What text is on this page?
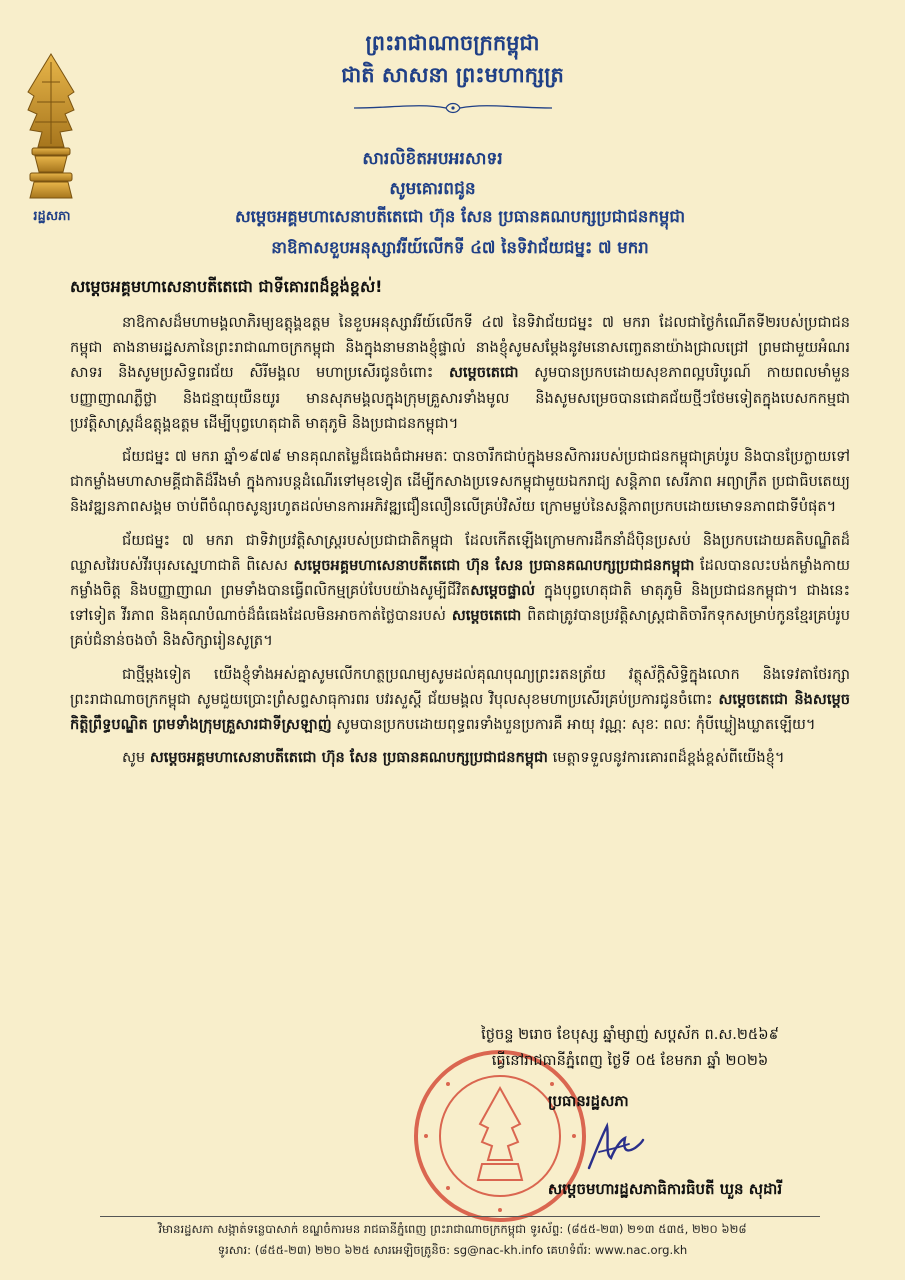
ព្រះរាជាណាចក្រកម្ពុជា
ជាតិ សាសនា ព្រះមហាក្សត្រ
រដ្ឋសភា
សារលិខិតអបអរសាទរ
សូមគោរពជូន
សម្តេចអគ្គមហាសេនាបតីតេជោ ហ៊ុន សែន ប្រធានគណបក្សប្រជាជនកម្ពុជា
នាឱកាសខួបអនុស្សាវរីយ៍លើកទី ៤៧ នៃទិវាជ័យជម្នះ ៧ មករា
សម្តេចអគ្គមហាសេនាបតីតេជោ ជាទីគោរពដ៏ខ្ពង់ខ្ពស់!

នាឱកាសដ៏មហាមង្គលាភិរម្យឧត្តុង្គឧត្តម នៃខួបអនុស្សាវរីយ៍លើកទី ៤៧ នៃទិវាជ័យជម្នះ ៧ មករា ដែលជាថ្ងៃកំណើតទី២របស់ប្រជាជនកម្ពុជា តាងនាមរដ្ឋសភានៃព្រះរាជាណាចក្រកម្ពុជា និងក្នុងនាមនាងខ្ញុំផ្ទាល់ នាងខ្ញុំសូមសម្តែងនូវមនោសញ្ចេតនាយ៉ាងជ្រាលជ្រៅ ព្រមជាមួយអំណរសាទរ និងសូមប្រសិទ្ធពរជ័យ សិរីមង្គល មហាប្រសើរជូនចំពោះ សម្តេចតេជោ សូមបានប្រកបដោយសុខភាពល្អបរិបូរណ៍ កាយពលមាំមួន បញ្ញាញាណភ្លឺថ្លា និងជន្មាយុយឺនយូរ មានសុភមង្គលក្នុងក្រុមគ្រួសារទាំងមូល និងសូមសម្រេចបានជោគជ័យថ្មីៗថែមទៀតក្នុងបេសកកម្មជាប្រវត្តិសាស្ត្រដ៏ឧត្តុង្គឧត្តម ដើម្បីបុព្វហេតុជាតិ មាតុភូមិ និងប្រជាជនកម្ពុជា។

ជ័យជម្នះ ៧ មករា ឆ្នាំ១៩៧៩ មានគុណតម្លៃដ៏ធេងធំជាអមតៈ បានចារឹកជាប់ក្នុងមនសិការរបស់ប្រជាជនកម្ពុជាគ្រប់រូប និងបានប្រែក្លាយទៅជាកម្លាំងមហាសាមគ្គីជាតិដ៏រឹងមាំ ក្នុងការបន្តដំណើរទៅមុខទៀត ដើម្បីកសាងប្រទេសកម្ពុជាមួយឯករាជ្យ សន្តិភាព សេរីភាព អព្យាក្រឹត ប្រជាធិបតេយ្យ និងវឌ្ឍនភាពសង្គម ចាប់ពីចំណុចសូន្យរហូតដល់មានការអភិវឌ្ឍជឿនលឿនលើគ្រប់វិស័យ ក្រោមម្លប់នៃសន្តិភាពប្រកបដោយមោទនភាពជាទីបំផុត។

ជ័យជម្នះ ៧ មករា ជាទិវាប្រវត្តិសាស្ត្ររបស់ប្រជាជាតិកម្ពុជា ដែលកើតឡើងក្រោមការដឹកនាំដ៏ប៉ិនប្រសប់ និងប្រកបដោយគតិបណ្ឌិតដ៏ឈ្លាសវៃរបស់វីរបុរសស្នេហាជាតិ ពិសេស សម្តេចអគ្គមហាសេនាបតីតេជោ ហ៊ុន សែន ប្រធានគណបក្សប្រជាជនកម្ពុជា ដែលបានលះបង់កម្លាំងកាយ កម្លាំងចិត្ត និងបញ្ញាញាណ ព្រមទាំងបានធ្វើពលិកម្មគ្រប់បែបយ៉ាងសូម្បីជីវិតសម្តេចផ្ទាល់ ក្នុងបុព្វហេតុជាតិ មាតុភូមិ និងប្រជាជនកម្ពុជា។ ជាងនេះទៅទៀត វីរភាព និងគុណបំណាច់ដ៏ធំធេងដែលមិនអាចកាត់ថ្លៃបានរបស់ សម្តេចតេជោ ពិតជាត្រូវបានប្រវត្តិសាស្ត្រជាតិចារឹកទុកសម្រាប់កូនខ្មែរគ្រប់រូប គ្រប់ជំនាន់ចងចាំ និងសិក្សារៀនសូត្រ។

ជាថ្មីម្តងទៀត យើងខ្ញុំទាំងអស់គ្នាសូមលើកហត្ថប្រណម្យសូមដល់គុណបុណ្យព្រះរតនត្រ័យ វត្ថុស័ក្តិសិទ្ធិក្នុងលោក និងទេវតាថែរក្សាព្រះរាជាណាចក្រកម្ពុជា សូមជួយប្រោះព្រំសព្ទសាធុការពរ បវរសួស្តី ជ័យមង្គល វិបុលសុខមហាប្រសើរគ្រប់ប្រការជូនចំពោះ សម្តេចតេជោ និងសម្តេចកិត្តិព្រឹទ្ធបណ្ឌិត ព្រមទាំងក្រុមគ្រួសារជាទីស្រឡាញ់ សូមបានប្រកបដោយពុទ្ធពរទាំងបួនប្រការគឺ អាយុ វណ្ណៈ សុខៈ ពលៈ កុំបីឃ្លៀងឃ្លាតឡើយ។

សូម សម្តេចអគ្គមហាសេនាបតីតេជោ ហ៊ុន សែន ប្រធានគណបក្សប្រជាជនកម្ពុជា មេត្តាទទួលនូវការគោរពដ៏ខ្ពង់ខ្ពស់ពីយើងខ្ញុំ។

ថ្ងៃចន្ទ ២រោច ខែបុស្ស ឆ្នាំម្សាញ់ សប្តស័ក ព.ស.២៥៦៩
ធ្វើនៅរាជធានីភ្នំពេញ ថ្ងៃទី ០៥ ខែមករា ឆ្នាំ ២០២៦
ប្រធានរដ្ឋសភា
សម្តេចមហារដ្ឋសភាធិការធិបតី ឃួន សុដារី
វិមានរដ្ឋសភា សង្កាត់ទន្លេបាសាក់ ខណ្ឌចំការមន រាជធានីភ្នំពេញ ព្រះរាជាណាចក្រកម្ពុជា ទូរស័ព្ទ: (៨៥៥-២៣) ២១៣ ៥៣៥, ២២០ ៦២៨
ទូរសារ: (៨៥៥-២៣) ២២០ ៦២៥ សារអេឡិចត្រូនិច: sg@nac-kh.info គេហទំព័រ: www.nac.org.kh
